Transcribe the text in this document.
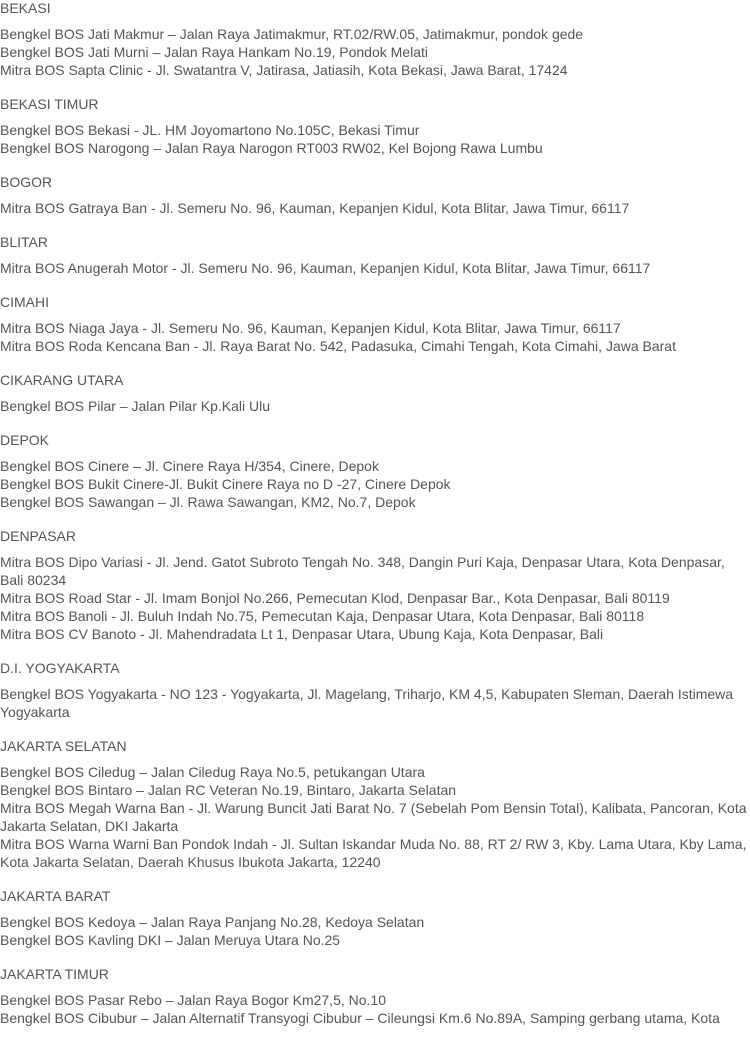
BEKASI
Bengkel BOS Jati Makmur – Jalan Raya Jatimakmur, RT.02/RW.05, Jatimakmur, pondok gede
Bengkel BOS Jati Murni – Jalan Raya Hankam No.19, Pondok Melati
Mitra BOS Sapta Clinic - Jl. Swatantra V, Jatirasa, Jatiasih, Kota Bekasi, Jawa Barat, 17424
BEKASI TIMUR
Bengkel BOS Bekasi - JL. HM Joyomartono No.105C, Bekasi Timur
Bengkel BOS Narogong – Jalan Raya Narogon RT003 RW02, Kel Bojong Rawa Lumbu
BOGOR
Mitra BOS Gatraya Ban - Jl. Semeru No. 96, Kauman, Kepanjen Kidul, Kota Blitar, Jawa Timur, 66117
BLITAR
Mitra BOS Anugerah Motor - Jl. Semeru No. 96, Kauman, Kepanjen Kidul, Kota Blitar, Jawa Timur, 66117
CIMAHI
Mitra BOS Niaga Jaya - Jl. Semeru No. 96, Kauman, Kepanjen Kidul, Kota Blitar, Jawa Timur, 66117
Mitra BOS Roda Kencana Ban - Jl. Raya Barat No. 542, Padasuka, Cimahi Tengah, Kota Cimahi, Jawa Barat
CIKARANG UTARA
Bengkel BOS Pilar – Jalan Pilar Kp.Kali Ulu
DEPOK
Bengkel BOS Cinere – Jl. Cinere Raya H/354, Cinere, Depok
Bengkel BOS Bukit Cinere-Jl. Bukit Cinere Raya no D -27, Cinere Depok
Bengkel BOS Sawangan – Jl. Rawa Sawangan, KM2, No.7, Depok
DENPASAR
Mitra BOS Dipo Variasi - Jl. Jend. Gatot Subroto Tengah No. 348, Dangin Puri Kaja, Denpasar Utara, Kota Denpasar, Bali 80234
Mitra BOS Road Star - Jl. Imam Bonjol No.266, Pemecutan Klod, Denpasar Bar., Kota Denpasar, Bali 80119
Mitra BOS Banoli - Jl. Buluh Indah No.75, Pemecutan Kaja, Denpasar Utara, Kota Denpasar, Bali 80118
Mitra BOS CV Banoto - Jl. Mahendradata Lt 1, Denpasar Utara, Ubung Kaja, Kota Denpasar, Bali
D.I. YOGYAKARTA
Bengkel BOS Yogyakarta - NO 123 - Yogyakarta, Jl. Magelang, Triharjo, KM 4,5, Kabupaten Sleman, Daerah Istimewa Yogyakarta
JAKARTA SELATAN
Bengkel BOS Ciledug – Jalan Ciledug Raya No.5, petukangan Utara
Bengkel BOS Bintaro – Jalan RC Veteran No.19, Bintaro, Jakarta Selatan
Mitra BOS Megah Warna Ban - Jl. Warung Buncit Jati Barat No. 7 (Sebelah Pom Bensin Total), Kalibata, Pancoran, Kota Jakarta Selatan, DKI Jakarta
Mitra BOS Warna Warni Ban Pondok Indah - Jl. Sultan Iskandar Muda No. 88, RT 2/ RW 3, Kby. Lama Utara, Kby Lama, Kota Jakarta Selatan, Daerah Khusus Ibukota Jakarta, 12240
JAKARTA BARAT
Bengkel BOS Kedoya – Jalan Raya Panjang No.28, Kedoya Selatan
Bengkel BOS Kavling DKI – Jalan Meruya Utara No.25
JAKARTA TIMUR
Bengkel BOS Pasar Rebo – Jalan Raya Bogor Km27,5, No.10
Bengkel BOS Cibubur – Jalan Alternatif Transyogi Cibubur – Cileungsi Km.6 No.89A, Samping gerbang utama, Kota
